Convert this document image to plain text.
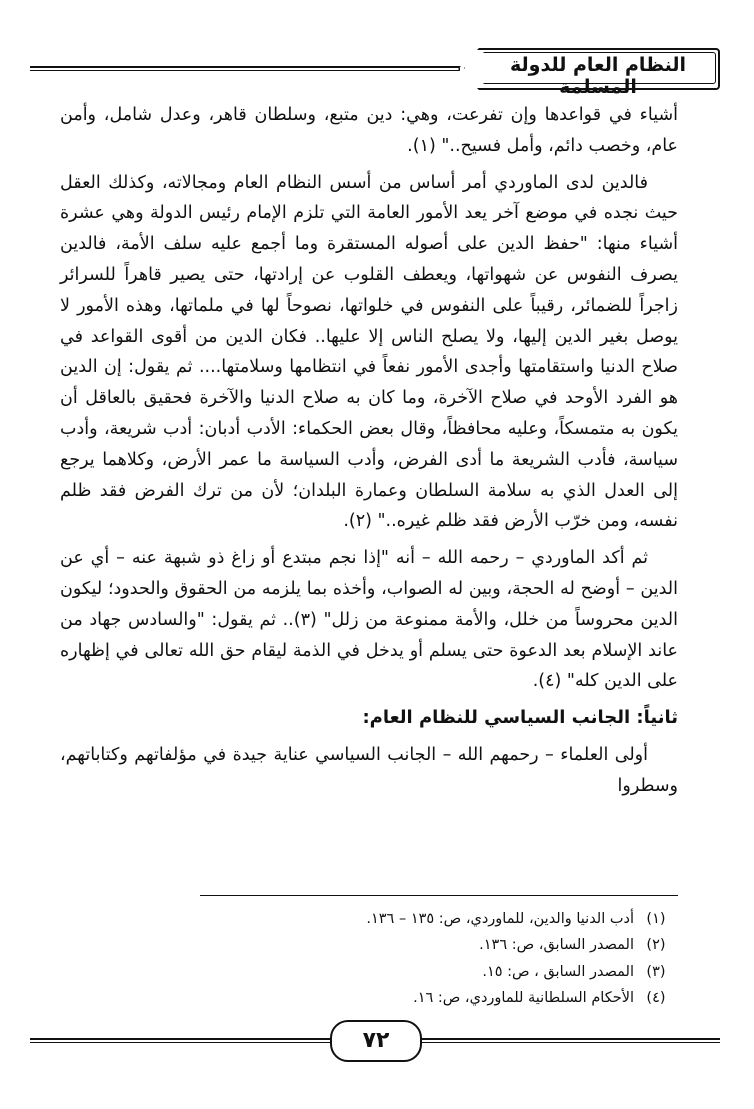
النظام العام للدولة المسلمة

أشياء في قواعدها وإن تفرعت، وهي: دين متبع، وسلطان قاهر، وعدل شامل، وأمن عام، وخصب دائم، وأمل فسيح.." (١).

فالدين لدى الماوردي أمر أساس من أسس النظام العام ومجالاته، وكذلك العقل حيث نجده في موضع آخر يعد الأمور العامة التي تلزم الإمام رئيس الدولة وهي عشرة أشياء منها: "حفظ الدين على أصوله المستقرة وما أجمع عليه سلف الأمة، فالدين يصرف النفوس عن شهواتها، ويعطف القلوب عن إرادتها، حتى يصير قاهراً للسرائر زاجراً للضمائر، رقيباً على النفوس في خلواتها، نصوحاً لها في ملماتها، وهذه الأمور لا يوصل بغير الدين إليها، ولا يصلح الناس إلا عليها.. فكان الدين من أقوى القواعد في صلاح الدنيا واستقامتها وأجدى الأمور نفعاً في انتظامها وسلامتها.... ثم يقول: إن الدين هو الفرد الأوحد في صلاح الآخرة، وما كان به صلاح الدنيا والآخرة فحقيق بالعاقل أن يكون به متمسكاً، وعليه محافظاً، وقال بعض الحكماء: الأدب أدبان: أدب شريعة، وأدب سياسة، فأدب الشريعة ما أدى الفرض، وأدب السياسة ما عمر الأرض، وكلاهما يرجع إلى العدل الذي به سلامة السلطان وعمارة البلدان؛ لأن من ترك الفرض فقد ظلم نفسه، ومن خرّب الأرض فقد ظلم غيره.." (٢).

ثم أكد الماوردي – رحمه الله – أنه "إذا نجم مبتدع أو زاغ ذو شبهة عنه – أي عن الدين – أوضح له الحجة، وبين له الصواب، وأخذه بما يلزمه من الحقوق والحدود؛ ليكون الدين محروساً من خلل، والأمة ممنوعة من زلل" (٣).. ثم يقول: "والسادس جهاد من عاند الإسلام بعد الدعوة حتى يسلم أو يدخل في الذمة ليقام حق الله تعالى في إظهاره على الدين كله" (٤).

ثانياً: الجانب السياسي للنظام العام:

أولى العلماء – رحمهم الله – الجانب السياسي عناية جيدة في مؤلفاتهم وكتاباتهم، وسطروا

(١)
أدب الدنيا والدين، للماوردي، ص: ١٣٥ – ١٣٦.
(٢)
المصدر السابق، ص: ١٣٦.
(٣)
المصدر السابق ، ص: ١٥.
(٤)
الأحكام السلطانية للماوردي، ص: ١٦.
٧٢
